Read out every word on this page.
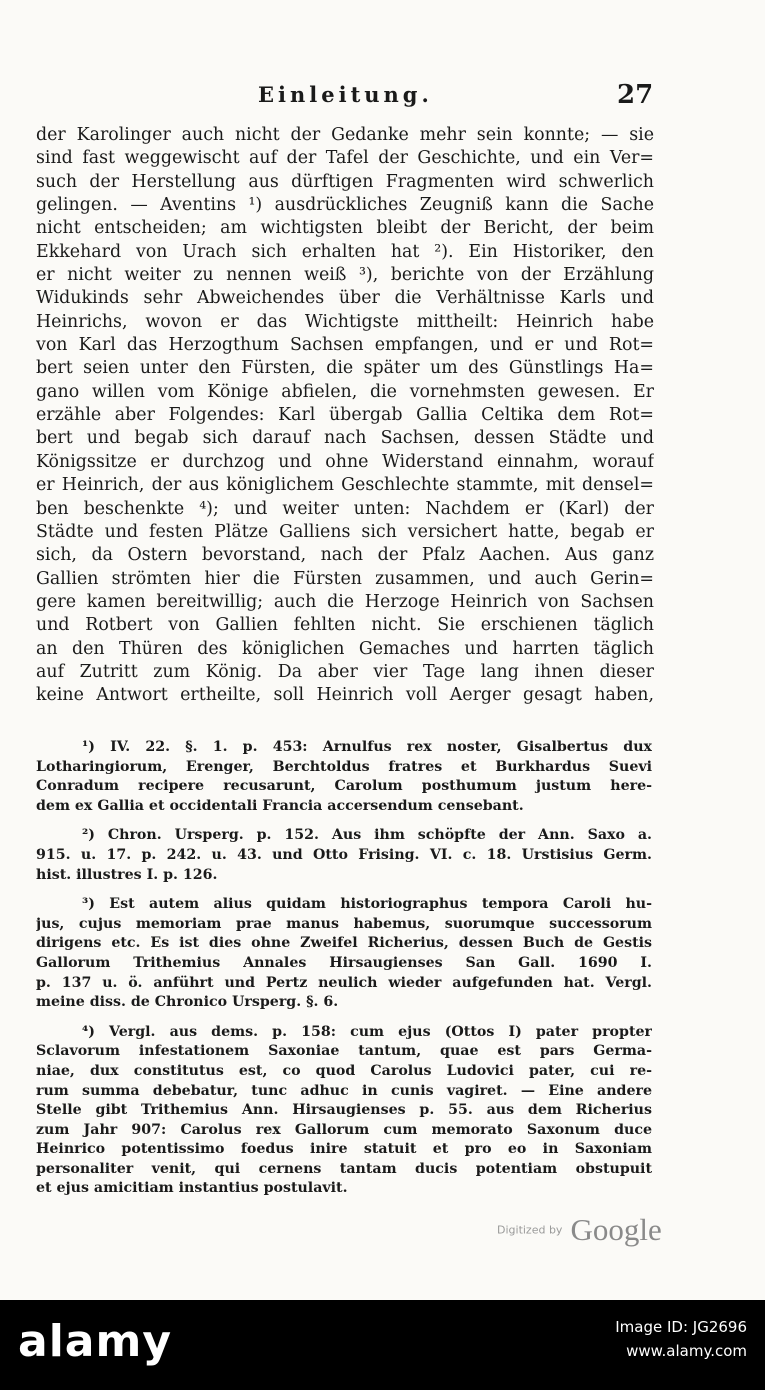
Einleitung.	27
der Karolinger auch nicht der Gedanke mehr sein konnte; — sie
sind fast weggewischt auf der Tafel der Geschichte, und ein Ver=
such der Herstellung aus dürftigen Fragmenten wird schwerlich
gelingen. — Aventins ¹) ausdrückliches Zeugniß kann die Sache
nicht entscheiden; am wichtigsten bleibt der Bericht, der beim
Ekkehard von Urach sich erhalten hat ²). Ein Historiker, den
er nicht weiter zu nennen weiß ³), berichte von der Erzählung
Widukinds sehr Abweichendes über die Verhältnisse Karls und
Heinrichs, wovon er das Wichtigste mittheilt: Heinrich habe
von Karl das Herzogthum Sachsen empfangen, und er und Rot=
bert seien unter den Fürsten, die später um des Günstlings Ha=
gano willen vom Könige abfielen, die vornehmsten gewesen. Er
erzähle aber Folgendes: Karl übergab Gallia Celtika dem Rot=
bert und begab sich darauf nach Sachsen, dessen Städte und
Königssitze er durchzog und ohne Widerstand einnahm, worauf
er Heinrich, der aus königlichem Geschlechte stammte, mit densel=
ben beschenkte ⁴); und weiter unten: Nachdem er (Karl) der
Städte und festen Plätze Galliens sich versichert hatte, begab er
sich, da Ostern bevorstand, nach der Pfalz Aachen. Aus ganz
Gallien strömten hier die Fürsten zusammen, und auch Gerin=
gere kamen bereitwillig; auch die Herzoge Heinrich von Sachsen
und Rotbert von Gallien fehlten nicht. Sie erschienen täglich
an den Thüren des königlichen Gemaches und harrten täglich
auf Zutritt zum König. Da aber vier Tage lang ihnen dieser
keine Antwort ertheilte, soll Heinrich voll Aerger gesagt haben,
¹) IV. 22. §. 1. p. 453: Arnulfus rex noster, Gisalbertus dux
Lotharingiorum, Erenger, Berchtoldus fratres et Burkhardus Suevi
Conradum recipere recusarunt, Carolum posthumum justum here-
dem ex Gallia et occidentali Francia accersendum censebant.
²) Chron. Ursperg. p. 152. Aus ihm schöpfte der Ann. Saxo a.
915. u. 17. p. 242. u. 43. und Otto Frising. VI. c. 18. Urstisius Germ.
hist. illustres I. p. 126.
³) Est autem alius quidam historiographus tempora Caroli hu-
jus, cujus memoriam prae manus habemus, suorumque successorum
dirigens etc. Es ist dies ohne Zweifel Richerius, dessen Buch de Gestis
Gallorum Trithemius Annales Hirsaugienses San Gall. 1690 I.
p. 137 u. ö. anführt und Pertz neulich wieder aufgefunden hat. Vergl.
meine diss. de Chronico Ursperg. §. 6.
⁴) Vergl. aus dems. p. 158: cum ejus (Ottos I) pater propter
Sclavorum infestationem Saxoniae tantum, quae est pars Germa-
niae, dux constitutus est, co quod Carolus Ludovici pater, cui re-
rum summa debebatur, tunc adhuc in cunis vagiret. — Eine andere
Stelle gibt Trithemius Ann. Hirsaugienses p. 55. aus dem Richerius
zum Jahr 907: Carolus rex Gallorum cum memorato Saxonum duce
Heinrico potentissimo foedus inire statuit et pro eo in Saxoniam
personaliter venit, qui cernens tantam ducis potentiam obstupuit
et ejus amicitiam instantius postulavit.
Digitized by Google
alamy	Image ID: JG2696
www.alamy.com
